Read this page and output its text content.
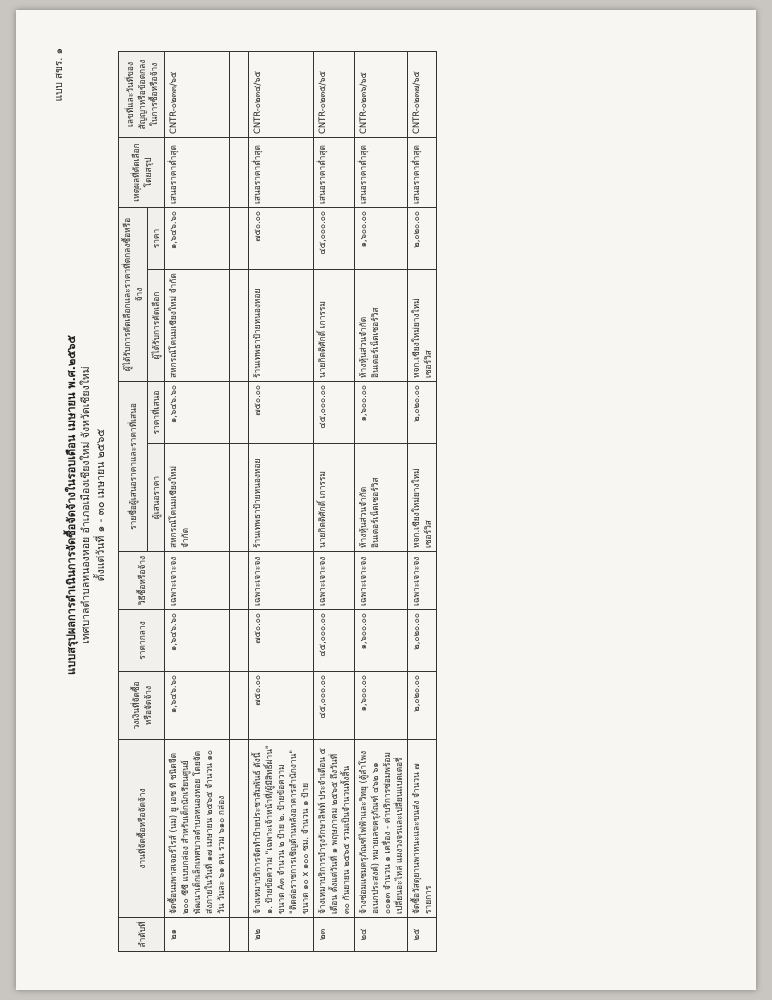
แบบ สขร. ๑
แบบสรุปผลการดำเนินการจัดซื้อจัดจ้างในรอบเดือน เมษายน พ.ศ.๒๕๖๕ เทศบาลตำบลหนองหอย อำเภอเมืองเชียงใหม่ จังหวัดเชียงใหม่ ตั้งแต่วันที่ ๑ - ๓๐ เมษายน ๒๕๖๕
ลำดับที่	งานที่จัดซื้อหรือจัดจ้าง	วงเงินที่จัดซื้อหรือจัดจ้าง	ราคากลาง	วิธีซื้อหรือจ้าง	รายชื่อผู้เสนอราคาและราคาที่เสนอ		ผู้ได้รับการคัดเลือกและราคาที่ตกลงซื้อหรือจ้าง		เหตุผลที่คัดเลือกโดยสรุป	เลขที่และวันที่ของสัญญาหรือข้อตกลงในการซื้อหรือจ้าง
					ผู้เสนอราคา	ราคาที่เสนอ	ผู้ได้รับการคัดเลือก	ราคา		
๒๑	จัดซื้อนมพาสเจอร์ไรส์ (นม) ยู เอช ที ชนิดจืด ๒๐๐ ซีซี แบบกล่อง สำหรับเด็กนักเรียนศูนย์พัฒนาเด็กเล็กเทศบาลตำบลหนองหอย โดยจัดส่งภายในวันที่ ๑๗ เมษายน ๒๕๖๕ จำนวน ๑๐ วัน วันละ ๖๑ คน รวม ๖๑๐ กล่อง	๑,๖๔๖.๖๐	๑,๖๔๖.๖๐	เฉพาะเจาะจง	สหกรณ์โคนมเชียงใหม่ จำกัด	๑,๖๔๖.๖๐	สหกรณ์โคนมเชียงใหม่ จำกัด	๑,๖๔๖.๖๐	เสนอราคาต่ำสุด	CNTR-๐๒๓๓/๖๕

๒๒	จ้างเหมาบริการจัดทำป้ายประชาสัมพันธ์ ดังนี้ ๑. ป้ายข้อความ "เฉพาะเจ้าหน้าที่/ผู้มีสิทธิ์ผ่าน" ขนาด A๓ จำนวน ๒ ป้าย ๒. ป้ายข้อความ "ติดต่อราชการเชิญด้านหลังอาคารสำนักงาน" ขนาด ๑๐ x ๑๐๐ ซม. จำนวน ๑ ป้าย	๗๕๐.๐๐	๗๕๐.๐๐	เฉพาะเจาะจง	ร้านเทพธาป้ายหนองหอย	๗๕๐.๐๐	ร้านเทพธาป้ายหนองหอย	๗๕๐.๐๐	เสนอราคาต่ำสุด	CNTR-๐๒๓๔/๖๕
๒๓	จ้างเหมาบริการบำรุงรักษาลิฟท์ ประจำเดือน ๕ เดือน ตั้งแต่วันที่ ๑ พฤษภาคม ๒๕๖๕ ถึงวันที่ ๓๐ กันยายน ๒๕๖๕ รวมเป็นจำนวนทั้งสิ้น	๔๕,๐๐๐.๐๐	๔๕,๐๐๐.๐๐	เฉพาะเจาะจง	นายกิตติศักดิ์ เการรม	๔๕,๐๐๐.๐๐	นายกิตติศักดิ์ เการรม	๔๕,๐๐๐.๐๐	เสนอราคาต่ำสุด	CNTR-๐๒๓๕/๖๕
๒๔	จ้างซ่อมแซมครุภัณฑ์ไฟฟ้าและวิทยุ (ตู้ลำโพงอเนกประสงค์) หมายเลขครุภัณฑ์ ๔๖๒ ๖๑ ๐๐๑๓ จำนวน ๑ เครื่อง - ค่าบริการซ่อมพร้อมเปลี่ยนอะไหล่ แผงวงจรและเปลี่ยนแบตเตอรี่	๑,๖๐๐.๐๐	๑,๖๐๐.๐๐	เฉพาะเจาะจง	ห้างหุ้นส่วนจำกัด อินเตอร์เน็ตเซอร์วิส	๑,๖๐๐.๐๐	ห้างหุ้นส่วนจำกัด อินเตอร์เน็ตเซอร์วิส	๑,๖๐๐.๐๐	เสนอราคาต่ำสุด	CNTR-๐๒๓๖/๖๕
๒๕	จัดซื้อวัสดุยานพาหนะและขนส่ง จำนวน ๗ รายการ	๒,๐๒๐.๐๐	๒,๐๒๐.๐๐	เฉพาะเจาะจง	หจก.เชียงใหม่ยางใหม่เซอร์วิส	๒,๐๒๐.๐๐	หจก.เชียงใหม่ยางใหม่เซอร์วิส	๒,๐๒๐.๐๐	เสนอราคาต่ำสุด	CNTR-๐๒๓๗/๖๕
